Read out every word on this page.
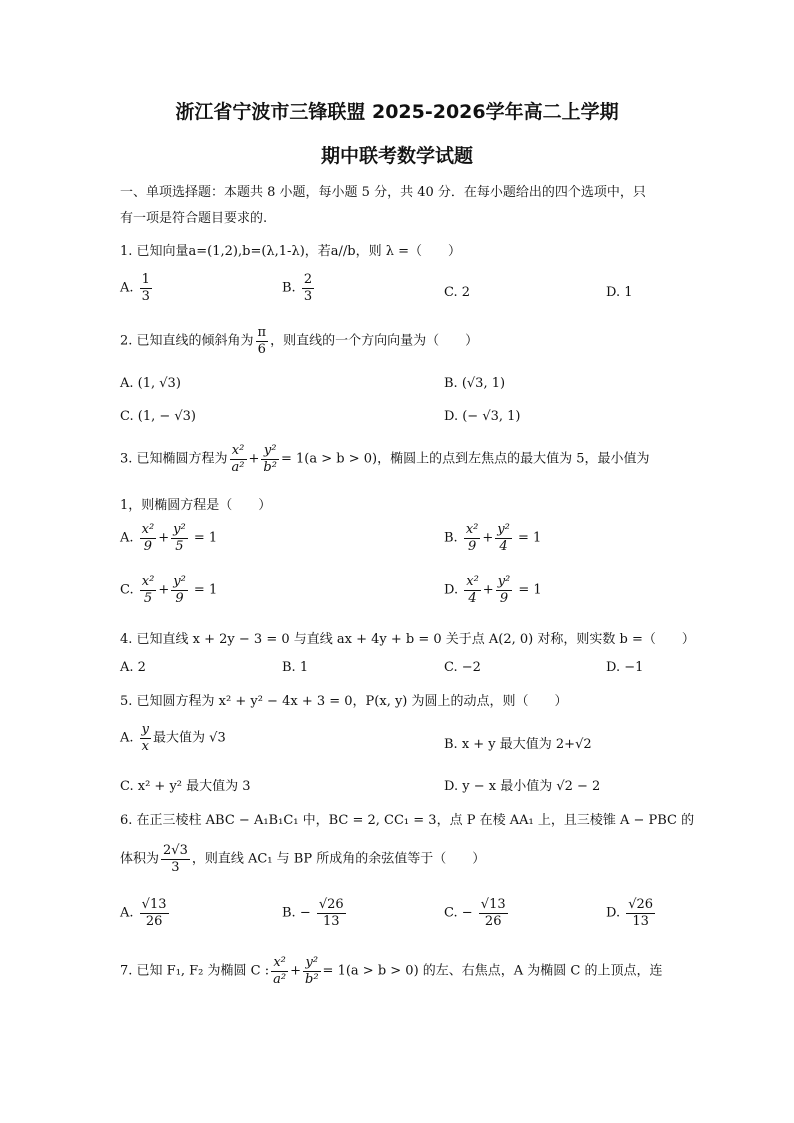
浙江省宁波市三锋联盟 2025-2026学年高二上学期
期中联考数学试题
一、单项选择题：本题共 8 小题，每小题 5 分，共 40 分．在每小题给出的四个选项中，只
有一项是符合题目要求的.
1. 已知向量a=(1,2),b=(λ,1-λ)，若a//b，则 λ =（　　）
A. $\frac{1}{3}$	B. $\frac{2}{3}$	C. 2	D. 1
2. 已知直线的倾斜角为 $\frac{\pi}{6}$ ，则直线的一个方向向量为（　　）
A. (1, √3)	B. (√3, 1)
C. (1, − √3)	D. (− √3, 1)
3. 已知椭圆方程为 $\frac{\text{x²}}{\text{a²}} + \frac{\text{y²}}{\text{b²}} = 1(a > b > 0)$，椭圆上的点到左焦点的最大值为 5，最小值为
1，则椭圆方程是（　　）
A. $\frac{\text{x²}}{9} + \frac{\text{y²}}{5} = 1$	B. $\frac{\text{x²}}{9} + \frac{\text{y²}}{4} = 1$
C. $\frac{\text{x²}}{5} + \frac{\text{y²}}{9} = 1$	D. $\frac{\text{x²}}{4} + \frac{\text{y²}}{9} = 1$
4. 已知直线 x + 2y − 3 = 0 与直线 ax + 4y + b = 0 关于点 A(2, 0) 对称，则实数 b =（　　）
A. 2	B. 1	C. −2	D. −1
5. 已知圆方程为 x² + y² − 4x + 3 = 0，P(x, y) 为圆上的动点，则（　　）
A. $\frac{y}{x}$ 最大值为 √3	B. x + y 最大值为 2+√2
C. x² + y² 最大值为 3	D. y − x 最小值为 √2 − 2
6. 在正三棱柱 ABC − A₁B₁C₁ 中，BC = 2, CC₁ = 3，点 P 在棱 AA₁ 上，且三棱锥 A − PBC 的
体积为 $\frac{2√3}{3}$ ，则直线 AC₁ 与 BP 所成角的余弦值等于（　　）
A. $\frac{√13}{26}$	B. − $\frac{√26}{13}$	C. − $\frac{√13}{26}$	D. $\frac{√26}{13}$
7. 已知 F₁, F₂ 为椭圆 C : $\frac{\text{x²}}{\text{a²}} + \frac{\text{y²}}{\text{b²}} = 1(a > b > 0)$ 的左、右焦点，A 为椭圆 C 的上顶点，连
